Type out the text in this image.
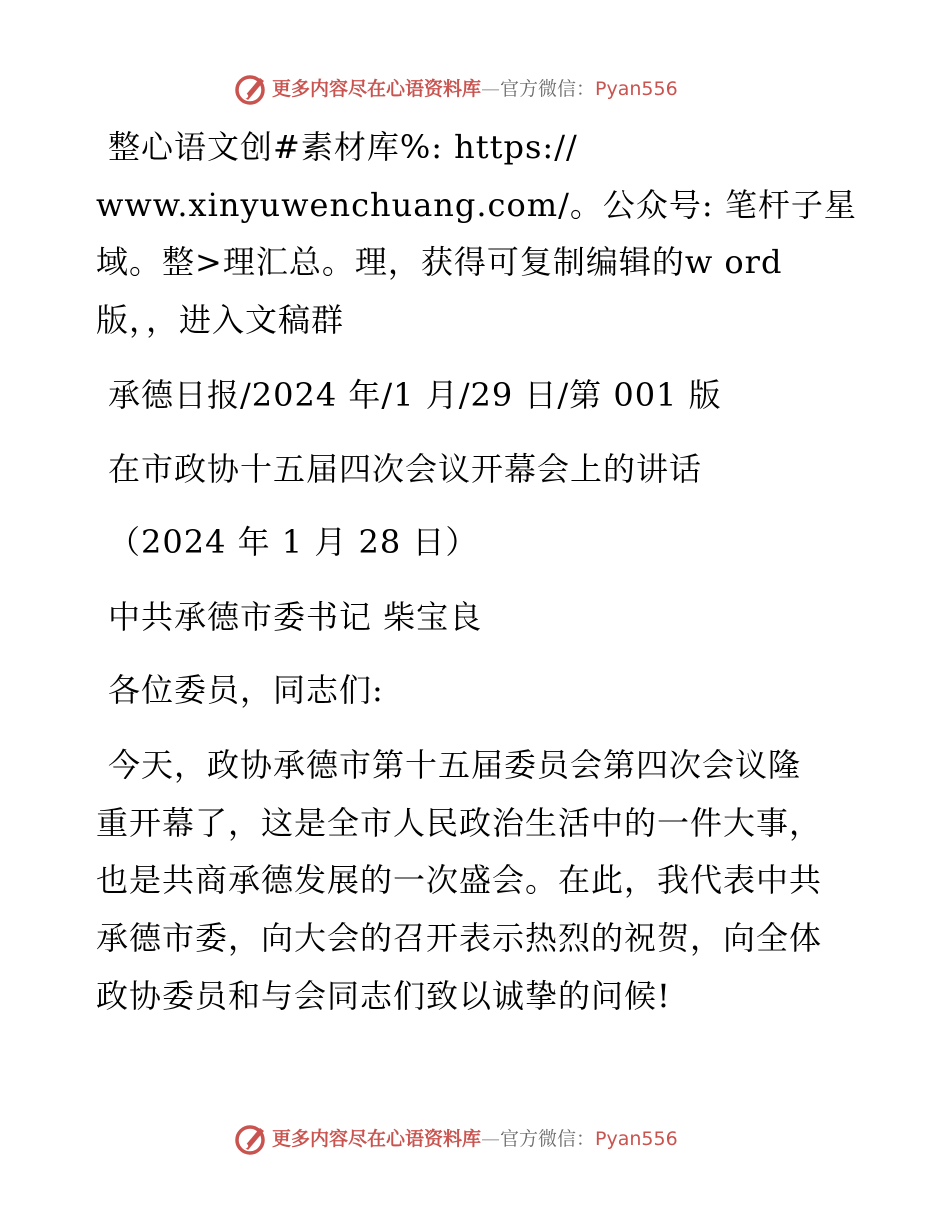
更多内容尽在心语资料库—官方微信：Pyan556

整心语文创#素材库%: https://

www.xinyuwenchuang.com/。公众号: 笔杆子星

域。整>理汇总。理，获得可复制编辑的w ord

版，，进入文稿群

承德日报/2024 年/1 月/29 日/第 001 版

在市政协十五届四次会议开幕会上的讲话

（2024 年 1 月 28 日）

中共承德市委书记 柴宝良

各位委员，同志们:

今天，政协承德市第十五届委员会第四次会议隆

重开幕了，这是全市人民政治生活中的一件大事，

也是共商承德发展的一次盛会。在此，我代表中共

承德市委，向大会的召开表示热烈的祝贺，向全体

政协委员和与会同志们致以诚挚的问候!

更多内容尽在心语资料库—官方微信：Pyan556
